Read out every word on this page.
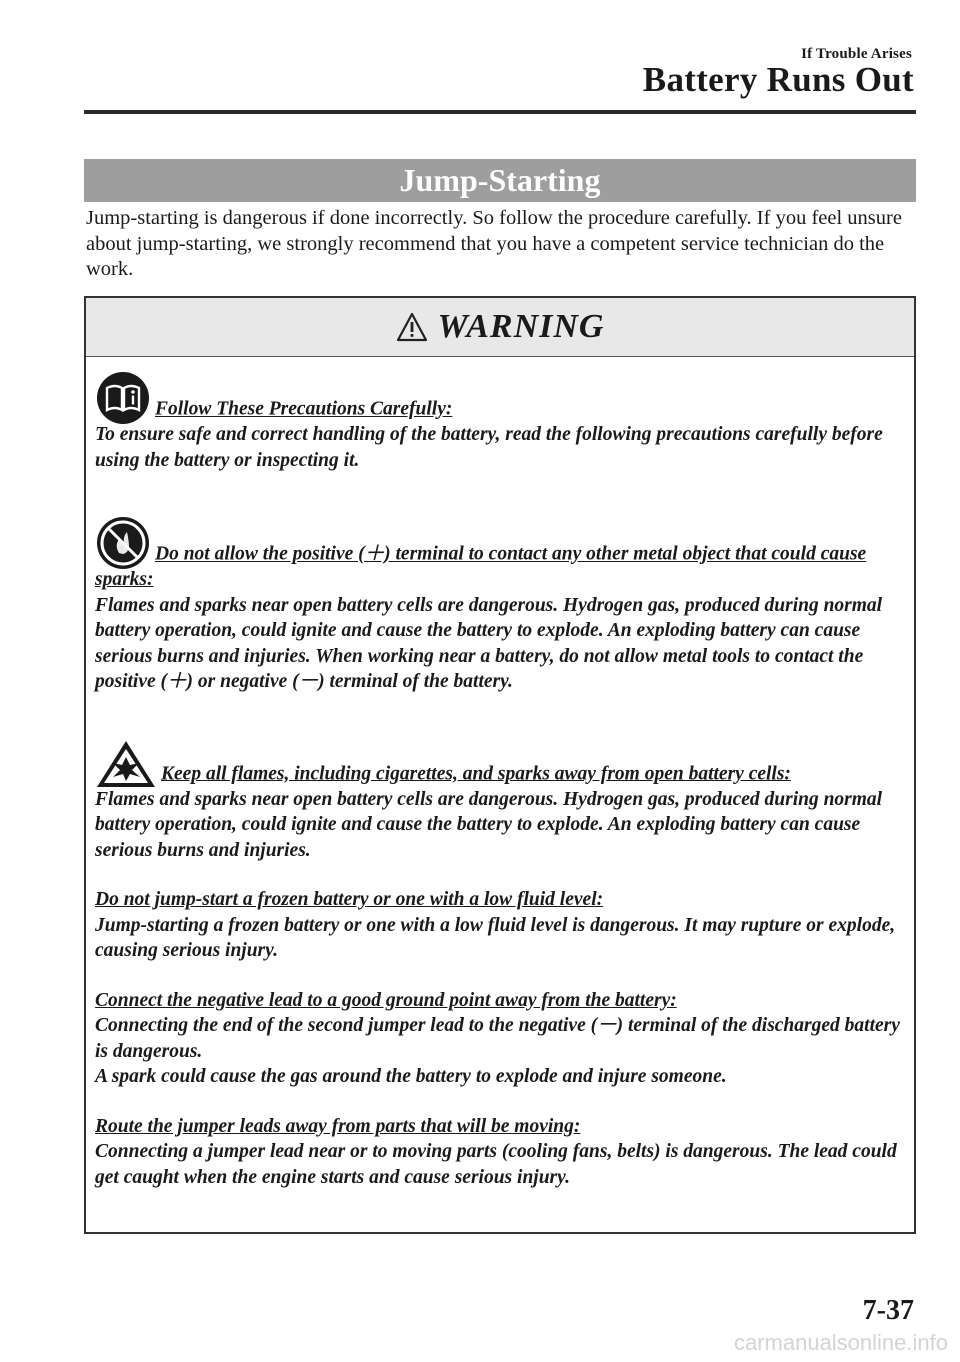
If Trouble Arises
Battery Runs Out
Jump-Starting
Jump-starting is dangerous if done incorrectly. So follow the procedure carefully. If you feel unsure about jump-starting, we strongly recommend that you have a competent service technician do the work.
WARNING
Follow These Precautions Carefully:
To ensure safe and correct handling of the battery, read the following precautions carefully before using the battery or inspecting it.
Do not allow the positive (＋) terminal to contact any other metal object that could cause sparks:
Flames and sparks near open battery cells are dangerous. Hydrogen gas, produced during normal battery operation, could ignite and cause the battery to explode. An exploding battery can cause serious burns and injuries. When working near a battery, do not allow metal tools to contact the positive (＋) or negative (－) terminal of the battery.
Keep all flames, including cigarettes, and sparks away from open battery cells:
Flames and sparks near open battery cells are dangerous. Hydrogen gas, produced during normal battery operation, could ignite and cause the battery to explode. An exploding battery can cause serious burns and injuries.
Do not jump-start a frozen battery or one with a low fluid level:
Jump-starting a frozen battery or one with a low fluid level is dangerous. It may rupture or explode, causing serious injury.
Connect the negative lead to a good ground point away from the battery:
Connecting the end of the second jumper lead to the negative (－) terminal of the discharged battery is dangerous.
A spark could cause the gas around the battery to explode and injure someone.
Route the jumper leads away from parts that will be moving:
Connecting a jumper lead near or to moving parts (cooling fans, belts) is dangerous. The lead could get caught when the engine starts and cause serious injury.
7-37
carmanualsonline.info
